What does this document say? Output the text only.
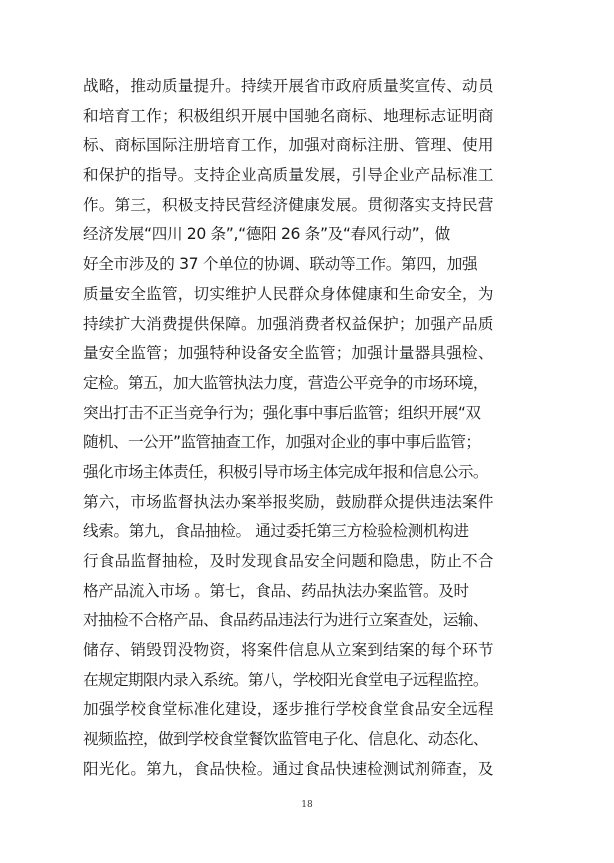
战略，推动质量提升。持续开展省市政府质量奖宣传、动员
和培育工作；积极组织开展中国驰名商标、地理标志证明商
标、商标国际注册培育工作，加强对商标注册、管理、使用
和保护的指导。支持企业高质量发展，引导企业产品标准工
作。第三，积极支持民营经济健康发展。贯彻落实支持民营
经济发展“四川 20 条”,“德阳 26 条”及“春风行动”，做
好全市涉及的 37 个单位的协调、联动等工作。第四，加强
质量安全监管，切实维护人民群众身体健康和生命安全，为
持续扩大消费提供保障。加强消费者权益保护；加强产品质
量安全监管；加强特种设备安全监管；加强计量器具强检、
定检。第五，加大监管执法力度，营造公平竞争的市场环境，
突出打击不正当竞争行为；强化事中事后监管；组织开展“双
随机、一公开”监管抽查工作，加强对企业的事中事后监管；
强化市场主体责任，积极引导市场主体完成年报和信息公示。
第六，市场监督执法办案举报奖励，鼓励群众提供违法案件
线索。第九，食品抽检。 通过委托第三方检验检测机构进
行食品监督抽检，及时发现食品安全问题和隐患，防止不合
格产品流入市场 。第七，食品、药品执法办案监管。及时
对抽检不合格产品、食品药品违法行为进行立案查处，运输、
储存、销毁罚没物资，将案件信息从立案到结案的每个环节
在规定期限内录入系统。第八，学校阳光食堂电子远程监控。
加强学校食堂标准化建设，逐步推行学校食堂食品安全远程
视频监控，做到学校食堂餐饮监管电子化、信息化、动态化、
阳光化。第九，食品快检。通过食品快速检测试剂筛查，及
18
